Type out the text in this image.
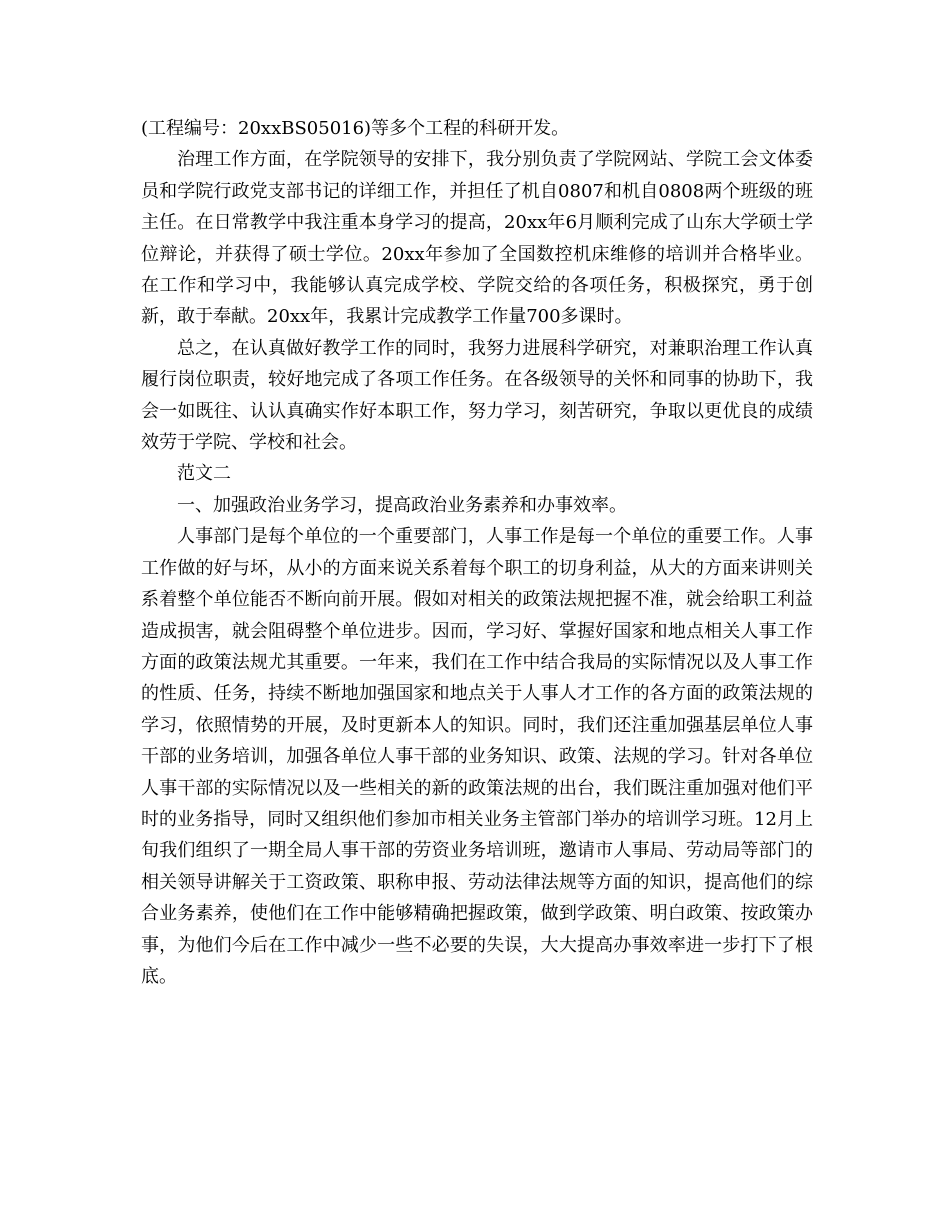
(工程编号：20xxBS05016)等多个工程的科研开发。

治理工作方面，在学院领导的安排下，我分别负责了学院网站、学院工会文体委员和学院行政党支部书记的详细工作，并担任了机自0807和机自0808两个班级的班主任。在日常教学中我注重本身学习的提高，20xx年6月顺利完成了山东大学硕士学位辩论，并获得了硕士学位。20xx年参加了全国数控机床维修的培训并合格毕业。在工作和学习中，我能够认真完成学校、学院交给的各项任务，积极探究，勇于创新，敢于奉献。20xx年，我累计完成教学工作量700多课时。

总之，在认真做好教学工作的同时，我努力进展科学研究，对兼职治理工作认真履行岗位职责，较好地完成了各项工作任务。在各级领导的关怀和同事的协助下，我会一如既往、认认真确实作好本职工作，努力学习，刻苦研究，争取以更优良的成绩效劳于学院、学校和社会。

范文二

一、加强政治业务学习，提高政治业务素养和办事效率。

人事部门是每个单位的一个重要部门，人事工作是每一个单位的重要工作。人事工作做的好与坏，从小的方面来说关系着每个职工的切身利益，从大的方面来讲则关系着整个单位能否不断向前开展。假如对相关的政策法规把握不准，就会给职工利益造成损害，就会阻碍整个单位进步。因而，学习好、掌握好国家和地点相关人事工作方面的政策法规尤其重要。一年来，我们在工作中结合我局的实际情况以及人事工作的性质、任务，持续不断地加强国家和地点关于人事人才工作的各方面的政策法规的学习，依照情势的开展，及时更新本人的知识。同时，我们还注重加强基层单位人事干部的业务培训，加强各单位人事干部的业务知识、政策、法规的学习。针对各单位人事干部的实际情况以及一些相关的新的政策法规的出台，我们既注重加强对他们平时的业务指导，同时又组织他们参加市相关业务主管部门举办的培训学习班。12月上旬我们组织了一期全局人事干部的劳资业务培训班，邀请市人事局、劳动局等部门的相关领导讲解关于工资政策、职称申报、劳动法律法规等方面的知识，提高他们的综合业务素养，使他们在工作中能够精确把握政策，做到学政策、明白政策、按政策办事，为他们今后在工作中减少一些不必要的失误，大大提高办事效率进一步打下了根底。
